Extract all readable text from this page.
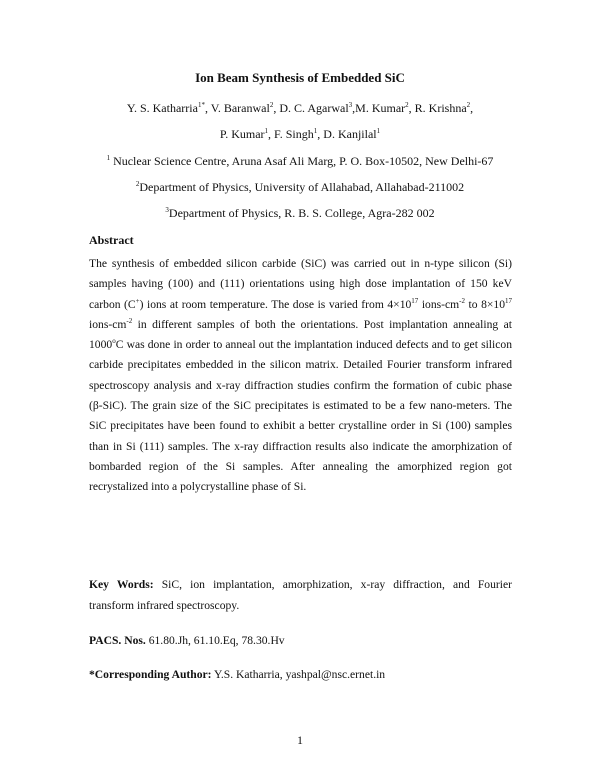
Ion Beam Synthesis of Embedded SiC
Y. S. Katharria$^{1*}$, V. Baranwal$^2$, D. C. Agarwal$^3$,M. Kumar$^2$, R. Krishna$^2$,
P. Kumar$^1$, F. Singh$^1$, D. Kanjilal$^1$
$^1$ Nuclear Science Centre, Aruna Asaf Ali Marg, P. O. Box-10502, New Delhi-67
$^2$Department of Physics, University of Allahabad, Allahabad-211002
$^3$Department of Physics, R. B. S. College, Agra-282 002
Abstract
The synthesis of embedded silicon carbide (SiC) was carried out in n-type silicon (Si) samples having (100) and (111) orientations using high dose implantation of 150 keV carbon (C+) ions at room temperature. The dose is varied from $4\times 10^{17}$ ions-$cm^{-2}$ to $8\times 10^{17}$ ions-$cm^{-2}$ in different samples of both the orientations. Post implantation annealing at 1000$^o$C was done in order to anneal out the implantation induced defects and to get silicon carbide precipitates embedded in the silicon matrix. Detailed Fourier transform infrared spectroscopy analysis and x-ray diffraction studies confirm the formation of cubic phase (β-SiC). The grain size of the SiC precipitates is estimated to be a few nano-meters. The SiC precipitates have been found to exhibit a better crystalline order in Si (100) samples than in Si (111) samples. The x-ray diffraction results also indicate the amorphization of bombarded region of the Si samples. After annealing the amorphized region got recrystalized into a polycrystalline phase of Si.
Key Words: SiC, ion implantation, amorphization, x-ray diffraction, and Fourier transform infrared spectroscopy.
PACS. Nos. 61.80.Jh, 61.10.Eq, 78.30.Hv
*Corresponding Author: Y.S. Katharria, yashpal@nsc.ernet.in
1
